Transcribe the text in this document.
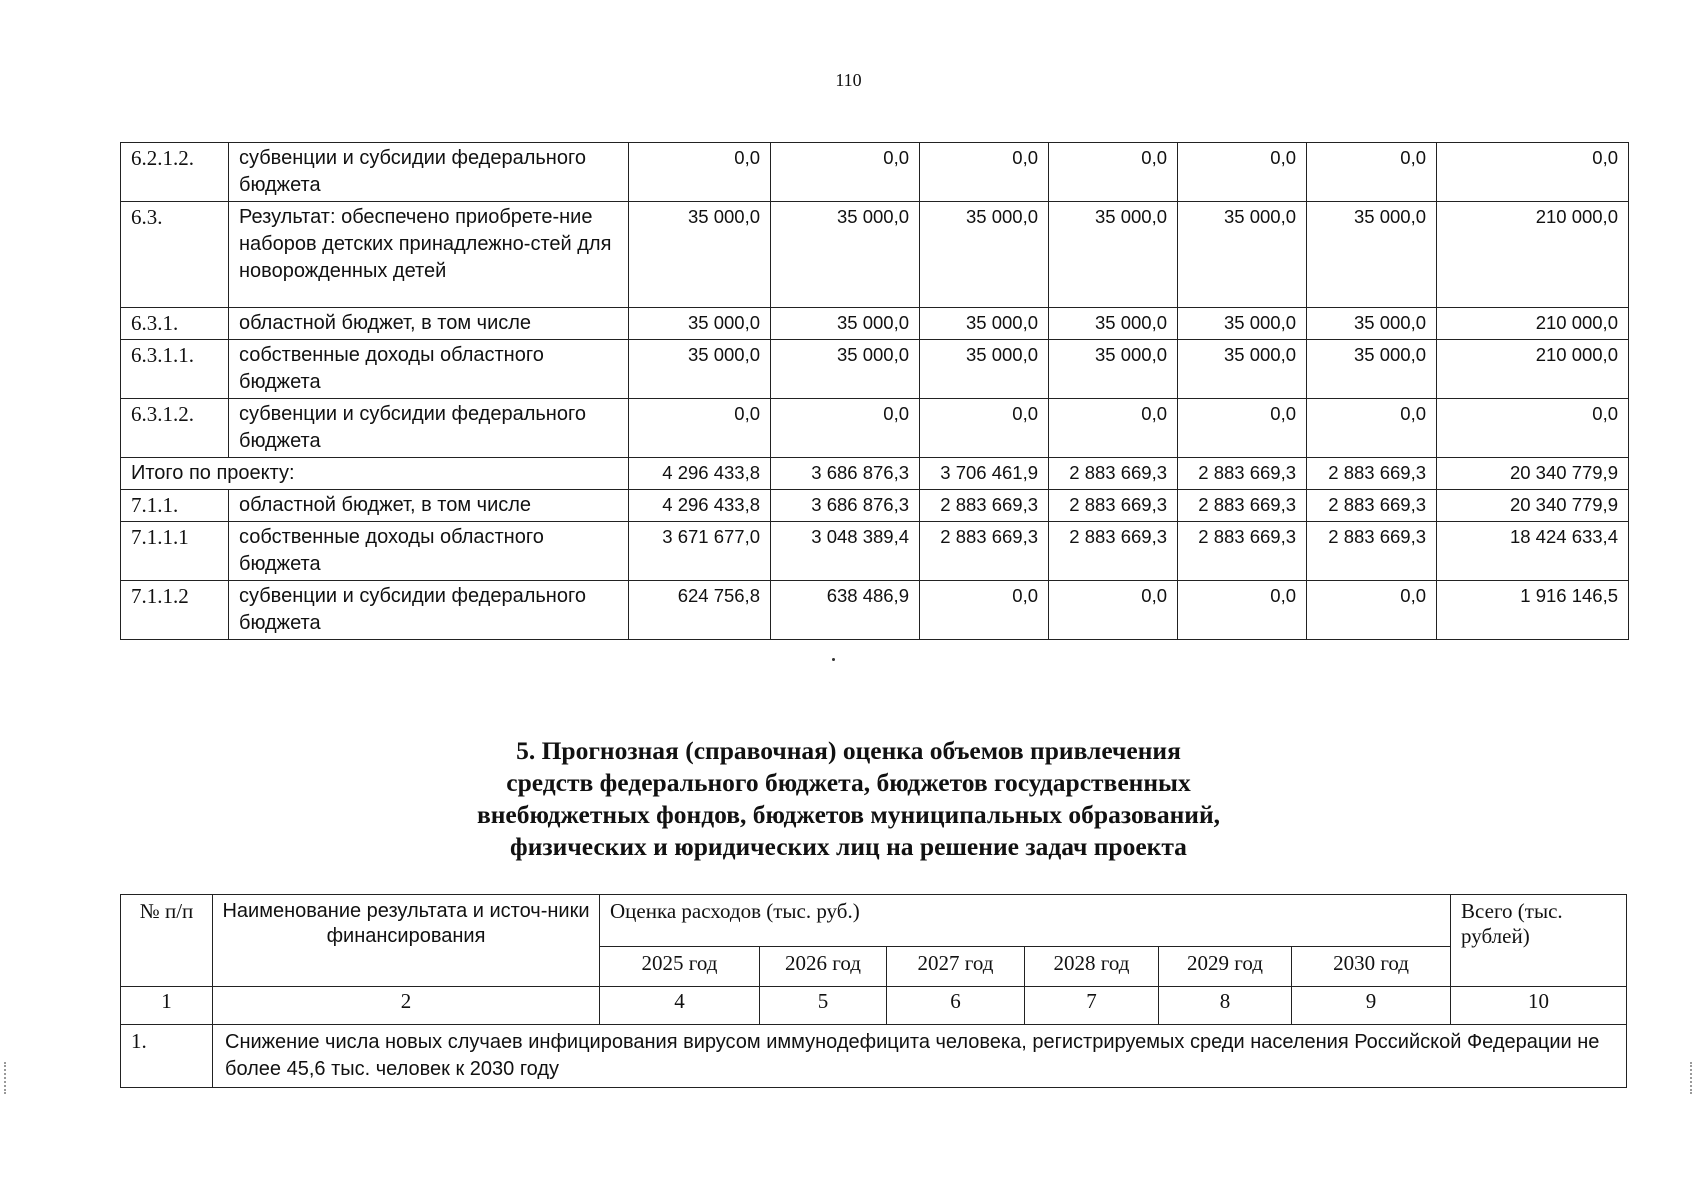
110
6.2.1.2.	субвенции и субсидии федерального бюджета	0,0	0,0	0,0	0,0	0,0	0,0	0,0
6.3.	Результат: обеспечено приобрете-ние наборов детских принадлежно-стей для новорожденных детей	35 000,0	35 000,0	35 000,0	35 000,0	35 000,0	35 000,0	210 000,0
6.3.1.	областной бюджет, в том числе	35 000,0	35 000,0	35 000,0	35 000,0	35 000,0	35 000,0	210 000,0
6.3.1.1.	собственные доходы областного бюджета	35 000,0	35 000,0	35 000,0	35 000,0	35 000,0	35 000,0	210 000,0
6.3.1.2.	субвенции и субсидии федерального бюджета	0,0	0,0	0,0	0,0	0,0	0,0	0,0
Итого по проекту:		4 296 433,8	3 686 876,3	3 706 461,9	2 883 669,3	2 883 669,3	2 883 669,3	20 340 779,9
7.1.1.	областной бюджет, в том числе	4 296 433,8	3 686 876,3	2 883 669,3	2 883 669,3	2 883 669,3	2 883 669,3	20 340 779,9
7.1.1.1	собственные доходы областного бюджета	3 671 677,0	3 048 389,4	2 883 669,3	2 883 669,3	2 883 669,3	2 883 669,3	18 424 633,4
7.1.1.2	субвенции и субсидии федерального бюджета	624 756,8	638 486,9	0,0	0,0	0,0	0,0	1 916 146,5
5. Прогнозная (справочная) оценка объемов привлечения
средств федерального бюджета, бюджетов государственных
внебюджетных фондов, бюджетов муниципальных образований,
физических и юридических лиц на решение задач проекта
№ п/п	Наименование результата и источ-ники финансирования	Оценка расходов (тыс. руб.)						Всего (тыс. рублей)
		2025 год	2026 год	2027 год	2028 год	2029 год	2030 год	
1	2	4	5	6	7	8	9	10
1.	Снижение числа новых случаев инфицирования вирусом иммунодефицита человека, регистрируемых среди населения Российской Федерации не более 45,6 тыс. человек к 2030 году							
